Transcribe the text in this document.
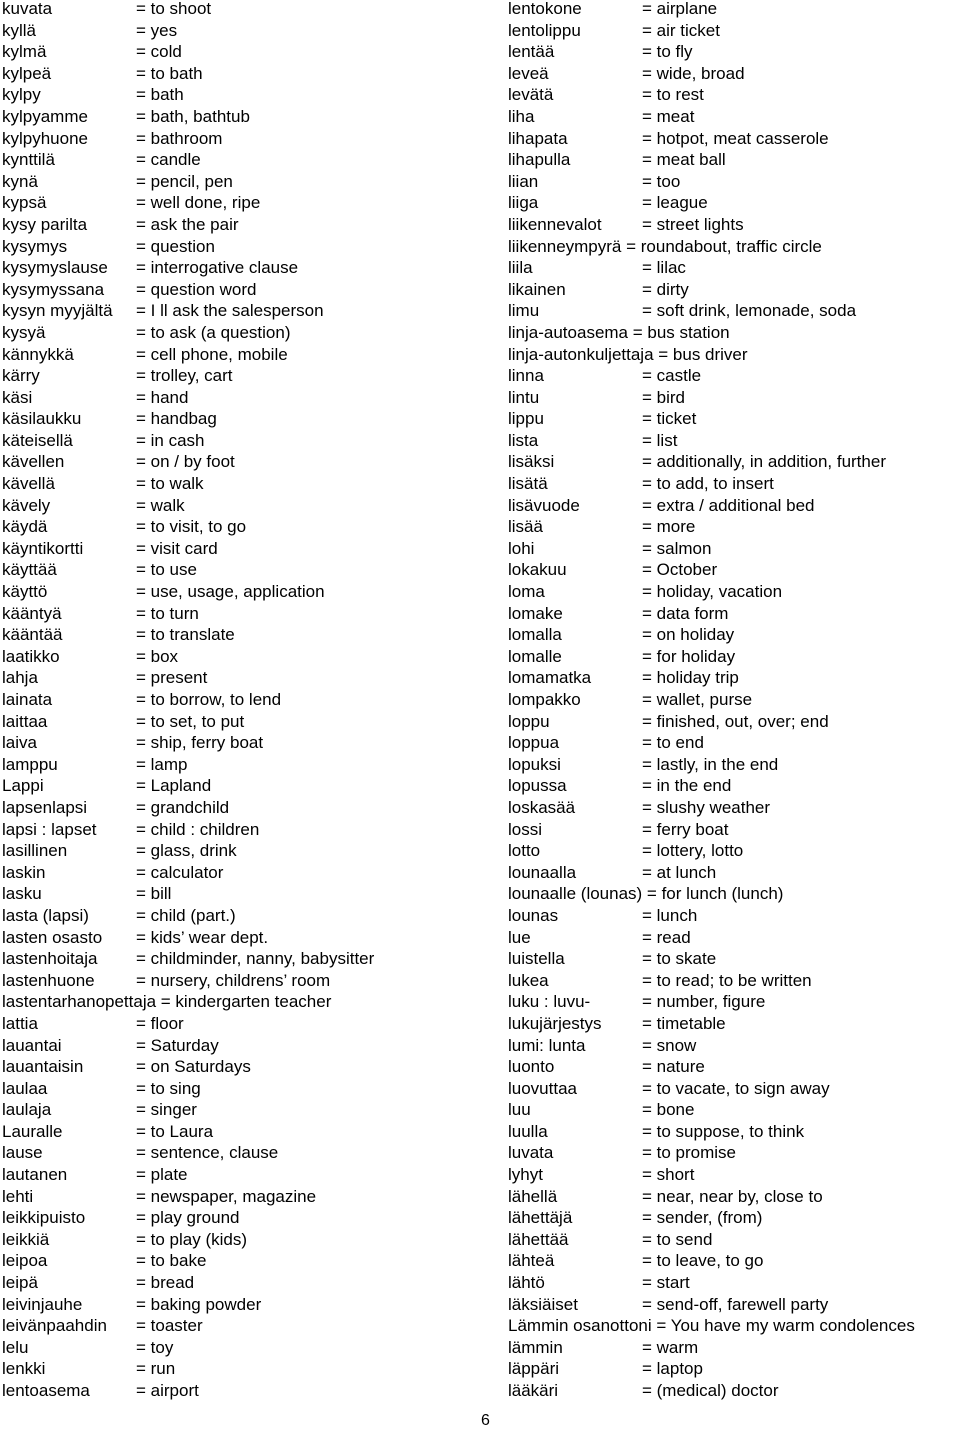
kuvata	= to shoot
kyllä	= yes
kylmä	= cold
kylpeä	= to bath
kylpy	= bath
kylpyamme	= bath, bathtub
kylpyhuone	= bathroom
kynttilä	= candle
kynä	= pencil, pen
kypsä	= well done, ripe
kysy parilta	= ask the pair
kysymys	= question
kysymyslause = interrogative clause
kysymyssana = question word
kysyn myyjältä = I ll ask the salesperson
kysyä	= to ask (a question)
kännykkä	= cell phone, mobile
kärry	= trolley, cart
käsi	= hand
käsilaukku	= handbag
käteisellä	= in cash
kävellen	= on / by foot
kävellä	= to walk
kävely	= walk
käydä	= to visit, to go
käyntikortti	= visit card
käyttää	= to use
käyttö	= use, usage, application
kääntyä	= to turn
kääntää	= to translate
laatikko	= box
lahja	= present
lainata	= to borrow, to lend
laittaa	= to set, to put
laiva	= ship, ferry boat
lamppu	= lamp
Lappi	= Lapland
lapsenlapsi	= grandchild
lapsi : lapset = child : children
lasillinen	= glass, drink
laskin	= calculator
lasku	= bill
lasta (lapsi)	= child (part.)
lasten osasto = kids’ wear dept.
lastenhoitaja = childminder, nanny, babysitter
lastenhuone = nursery, childrens’ room
lastentarhanopettaja = kindergarten teacher
lattia	= floor
lauantai	= Saturday
lauantaisin	= on Saturdays
laulaa	= to sing
laulaja	= singer
Lauralle	= to Laura
lause	= sentence, clause
lautanen	= plate
lehti	= newspaper, magazine
leikkipuisto	= play ground
leikkiä	= to play (kids)
leipoa	= to bake
leipä	= bread
leivinjauhe	= baking powder
leivänpaahdin = toaster
lelu	= toy
lenkki	= run
lentoasema	= airport
lentokone	= airplane
lentolippu	= air ticket
lentää	= to fly
leveä	= wide, broad
levätä	= to rest
liha	= meat
lihapata	= hotpot, meat casserole
lihapulla	= meat ball
liian	= too
liiga	= league
liikennevalot = street lights
liikenneympyrä = roundabout, traffic circle
liila	= lilac
likainen	= dirty
limu	= soft drink, lemonade, soda
linja-autoasema = bus station
linja-autonkuljettaja = bus driver
linna	= castle
lintu	= bird
lippu	= ticket
lista	= list
lisäksi	= additionally, in addition, further
lisätä	= to add, to insert
lisävuode	= extra / additional bed
lisää	= more
lohi	= salmon
lokakuu	= October
loma	= holiday, vacation
lomake	= data form
lomalla	= on holiday
lomalle	= for holiday
lomamatka	= holiday trip
lompakko	= wallet, purse
loppu	= finished, out, over; end
loppua	= to end
lopuksi	= lastly, in the end
lopussa	= in the end
loskasää	= slushy weather
lossi	= ferry boat
lotto	= lottery, lotto
lounaalla	= at lunch
lounaalle (lounas) = for lunch (lunch)
lounas	= lunch
lue	= read
luistella	= to skate
lukea	= to read; to be written
luku : luvu-	= number, figure
lukujärjestys = timetable
lumi: lunta	= snow
luonto	= nature
luovuttaa	= to vacate, to sign away
luu	= bone
luulla	= to suppose, to think
luvata	= to promise
lyhyt	= short
lähellä	= near, near by, close to
lähettäjä	= sender, (from)
lähettää	= to send
lähteä	= to leave, to go
lähtö	= start
läksiäiset	= send-off, farewell party
Lämmin osanottoni = You have my warm condolences
lämmin	= warm
läppäri	= laptop
lääkäri	= (medical) doctor
6
